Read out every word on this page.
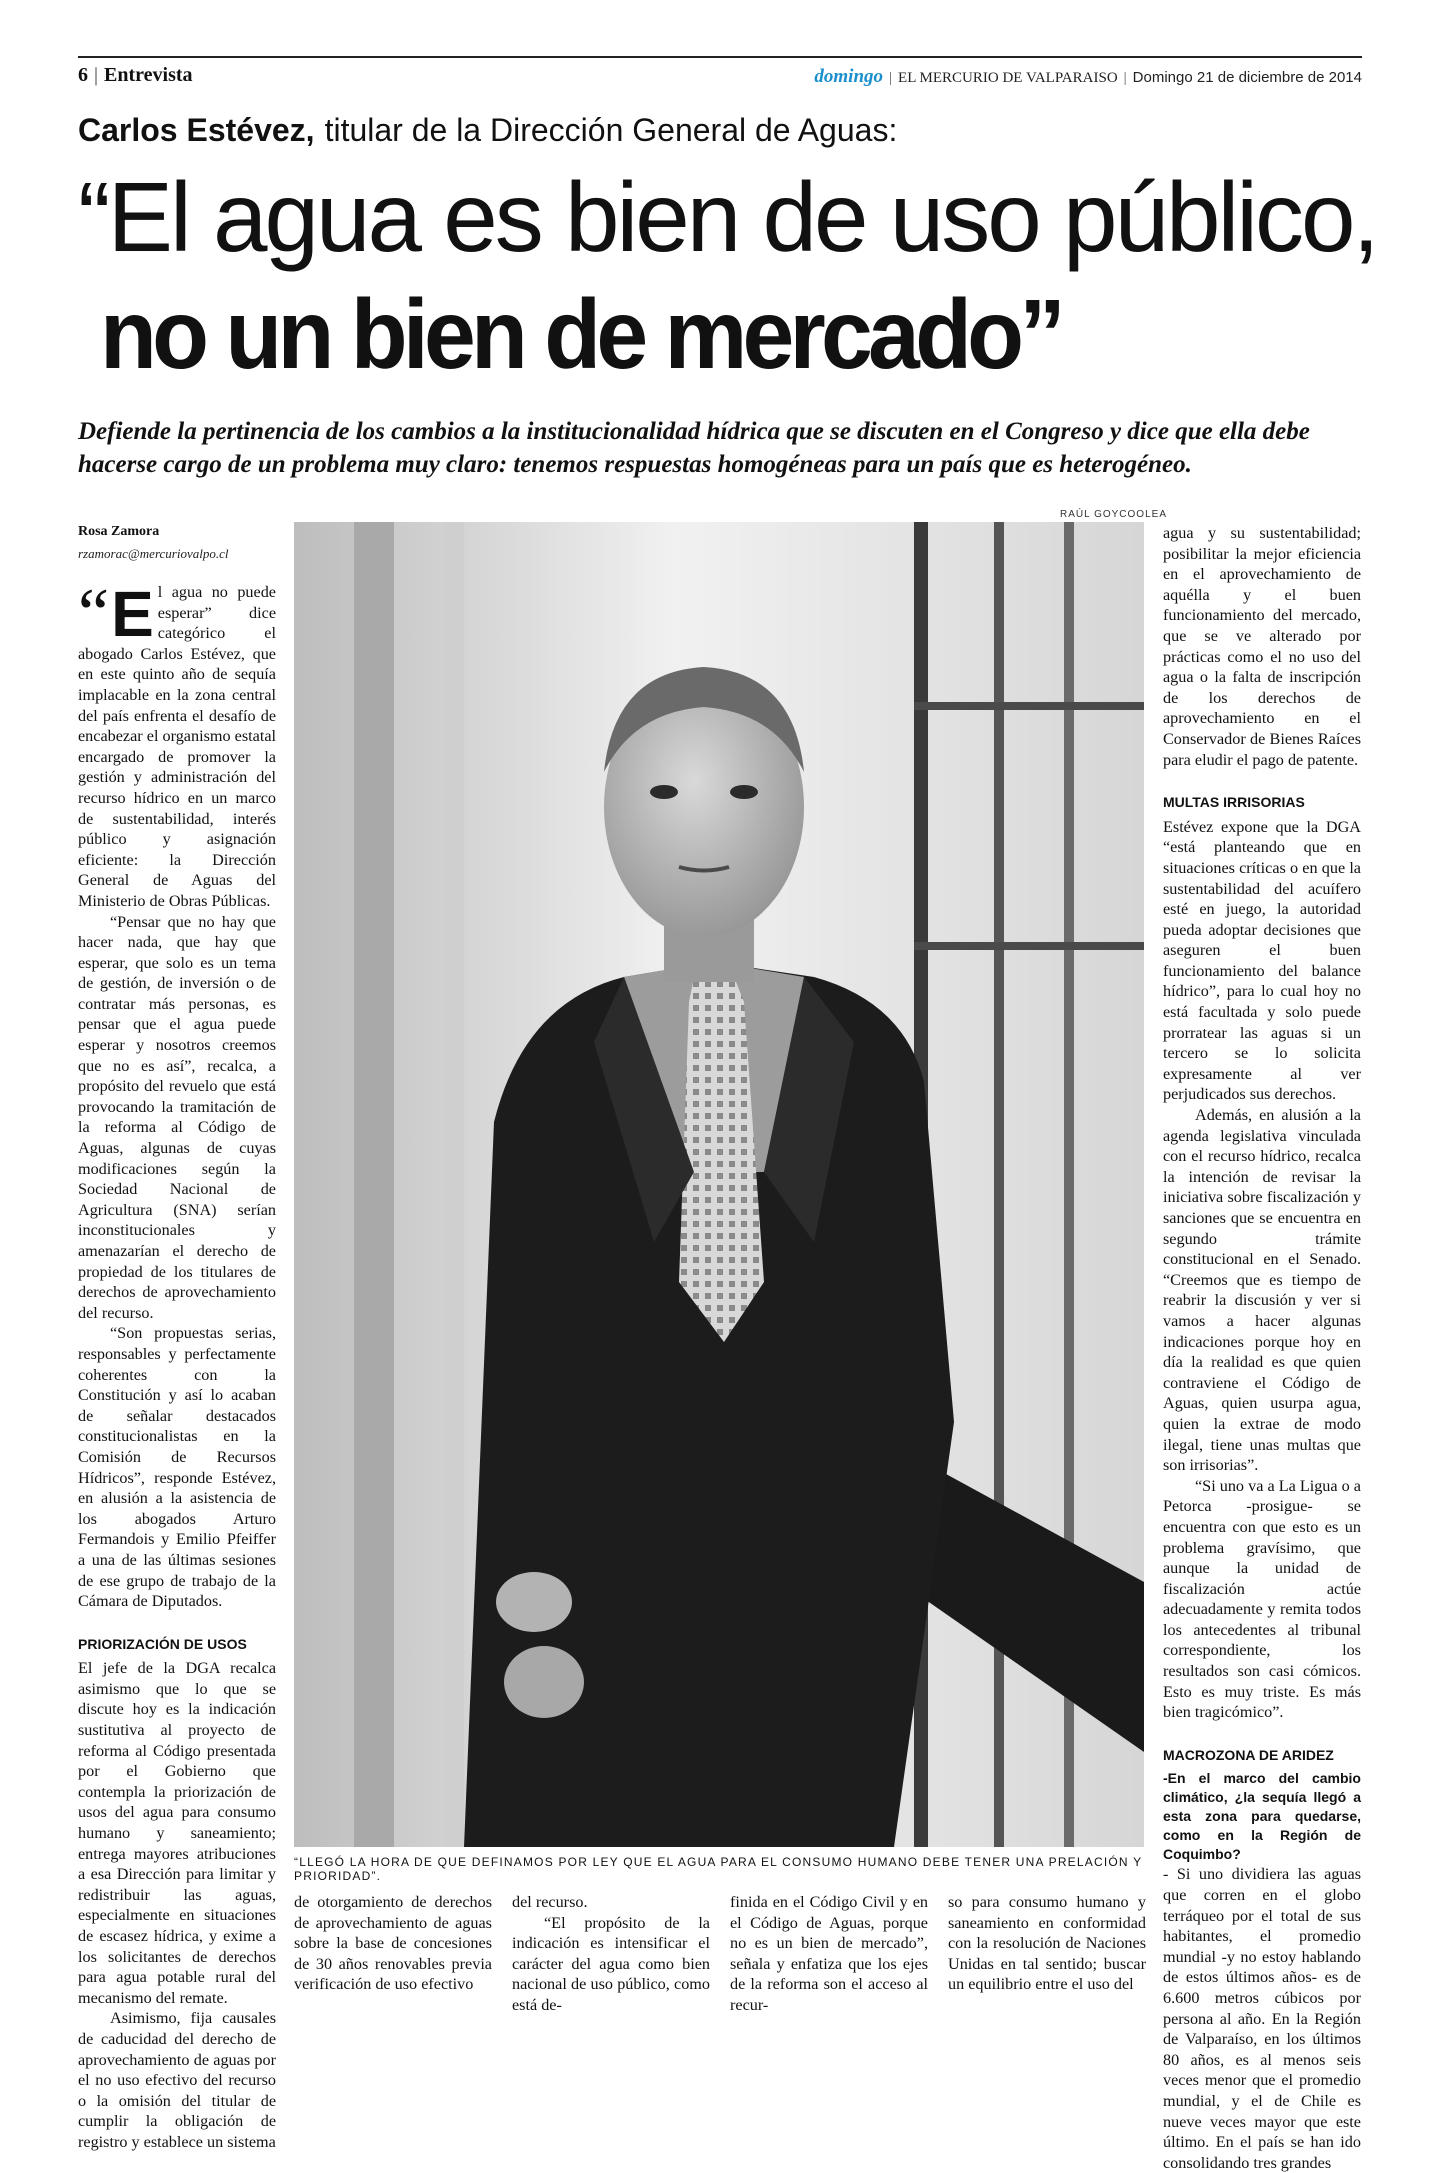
6 | Entrevista	domingo | EL MERCURIO DE VALPARAISO | Domingo 21 de diciembre de 2014
Carlos Estévez, titular de la Dirección General de Aguas:
“El agua es bien de uso público,
no un bien de mercado”
Defiende la pertinencia de los cambios a la institucionalidad hídrica que se discuten en el Congreso y dice que ella debe hacerse cargo de un problema muy claro: tenemos respuestas homogéneas para un país que es heterogéneo.
RAÚL GOYCOOLEA
“LLEGÓ LA HORA DE QUE DEFINAMOS POR LEY QUE EL AGUA PARA EL CONSUMO HUMANO DEBE TENER UNA PRELACIÓN Y PRIORIDAD”.
Rosa Zamora
rzamorac@mercuriovalpo.cl

“ E l agua no puede esperar” dice categórico el abogado Carlos Estévez, que en este quinto año de sequía implacable en la zona central del país enfrenta el desafío de encabezar el organismo estatal encargado de promover la gestión y administración del recurso hídrico en un marco de sustentabilidad, interés público y asignación eficiente: la Dirección General de Aguas del Ministerio de Obras Públicas.

“Pensar que no hay que hacer nada, que hay que esperar, que solo es un tema de gestión, de inversión o de contratar más personas, es pensar que el agua puede esperar y nosotros creemos que no es así”, recalca, a propósito del revuelo que está provocando la tramitación de la reforma al Código de Aguas, algunas de cuyas modificaciones según la Sociedad Nacional de Agricultura (SNA) serían inconstitucionales y amenazarían el derecho de propiedad de los titulares de derechos de aprovechamiento del recurso.

“Son propuestas serias, responsables y perfectamente coherentes con la Constitución y así lo acaban de señalar destacados constitucionalistas en la Comisión de Recursos Hídricos”, responde Estévez, en alusión a la asistencia de los abogados Arturo Fermandois y Emilio Pfeiffer a una de las últimas sesiones de ese grupo de trabajo de la Cámara de Diputados.

PRIORIZACIÓN DE USOS

El jefe de la DGA recalca asimismo que lo que se discute hoy es la indicación sustitutiva al proyecto de reforma al Código presentada por el Gobierno que contempla la priorización de usos del agua para consumo humano y saneamiento; entrega mayores atribuciones a esa Dirección para limitar y redistribuir las aguas, especialmente en situaciones de escasez hídrica, y exime a los solicitantes de derechos para agua potable rural del mecanismo del remate.

Asimismo, fija causales de caducidad del derecho de aprovechamiento de aguas por el no uso efectivo del recurso o la omisión del titular de cumplir la obligación de registro y establece un sistema

de otorgamiento de derechos de aprovechamiento de aguas sobre la base de concesiones de 30 años renovables previa verificación de uso efectivo

del recurso.

“El propósito de la indicación es intensificar el carácter del agua como bien nacional de uso público, como está de-

finida en el Código Civil y en el Código de Aguas, porque no es un bien de mercado”, señala y enfatiza que los ejes de la reforma son el acceso al recur-

so para consumo humano y saneamiento en conformidad con la resolución de Naciones Unidas en tal sentido; buscar un equilibrio entre el uso del

agua y su sustentabilidad; posibilitar la mejor eficiencia en el aprovechamiento de aquélla y el buen funcionamiento del mercado, que se ve alterado por prácticas como el no uso del agua o la falta de inscripción de los derechos de aprovechamiento en el Conservador de Bienes Raíces para eludir el pago de patente.

MULTAS IRRISORIAS

Estévez expone que la DGA “está planteando que en situaciones críticas o en que la sustentabilidad del acuífero esté en juego, la autoridad pueda adoptar decisiones que aseguren el buen funcionamiento del balance hídrico”, para lo cual hoy no está facultada y solo puede prorratear las aguas si un tercero se lo solicita expresamente al ver perjudicados sus derechos.

Además, en alusión a la agenda legislativa vinculada con el recurso hídrico, recalca la intención de revisar la iniciativa sobre fiscalización y sanciones que se encuentra en segundo trámite constitucional en el Senado. “Creemos que es tiempo de reabrir la discusión y ver si vamos a hacer algunas indicaciones porque hoy en día la realidad es que quien contraviene el Código de Aguas, quien usurpa agua, quien la extrae de modo ilegal, tiene unas multas que son irrisorias”.

“Si uno va a La Ligua o a Petorca -prosigue- se encuentra con que esto es un problema gravísimo, que aunque la unidad de fiscalización actúe adecuadamente y remita todos los antecedentes al tribunal correspondiente, los resultados son casi cómicos. Esto es muy triste. Es más bien tragicómico”.

MACROZONA DE ARIDEZ

-En el marco del cambio climático, ¿la sequía llegó a esta zona para quedarse, como en la Región de Coquimbo?

- Si uno dividiera las aguas que corren en el globo terráqueo por el total de sus habitantes, el promedio mundial -y no estoy hablando de estos últimos años- es de 6.600 metros cúbicos por persona al año. En la Región de Valparaíso, en los últimos 80 años, es al menos seis veces menor que el promedio mundial, y el de Chile es nueve veces mayor que este último. En el país se han ido consolidando tres grandes
